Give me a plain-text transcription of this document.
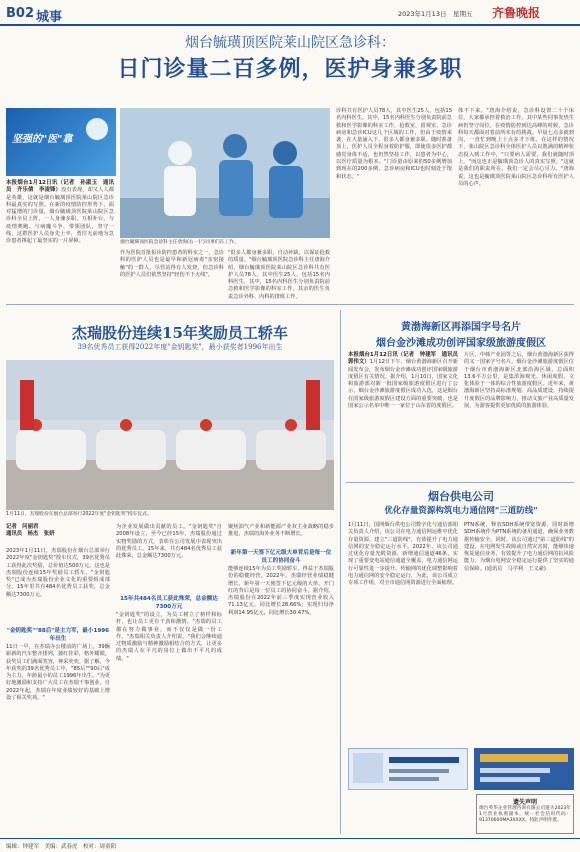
B02 城事	2023年1月13日　星期五 齐鲁晚报
烟台毓璜顶医院莱山院区急诊科：
日门诊量二百多例，医护身兼多职
坚强的"医"靠
本报烟台1月12日讯（记者　孙淑玉　通讯员　齐乐倩　李凌锋）没有表现，却又人人都是英雄，这就是烟台毓璜顶医院莱山院区急诊科最真实的写照。在新的疫情防控形势下，面对猛增的门诊量，烟台毓璜顶医院莱山院区急诊科全员上阵，一人身兼多职，互相补台，与疫情赛跑、与病魔斗争，带领团队，坚守一线，这群医护人员身先士卒，勇往无前地为急诊患者撑起了最坚实的一片屏障。	烟台毓璜顶医院急诊科主任唐海(右一)与同事们在工作。
作为医院首批报诊防控患者的科室之一，急诊科的医护人员也是最早和新冠病毒"亲密接触"的一群人，尽管站得有人发烧，但急诊科的医护人员们依然坚持"轻伤不下火线"。
"很多人都身兼多职，自动补缺，以保证抢救的质量。"烟台毓璜顶医院急诊科主任唐海介绍，烟台毓璜顶医院莱山院区急诊科共有医护人员78人，其中医生25人，包括15名内科医生，其中，15名内科医生分别负责院前急救和医学影像的科室工作，其余的医生负责急诊外科、内科的排班工作。
诊科共有医护人员78人，其中医生25人，包括15名内科医生。其中，15名内科医生分别负责院前急救和医学影像的科室工作，抢救室，留观室，急诊病房和急诊ICU这几个区域的工作，但由于疫情来袭，在大量涌入下，很多人都身兼多职。随时准备顶上，医护人员全程身着防护服，即使很多医护都感觉身体不适，也仍然坚持工作，以患者为中心，以医疗质量为根本。"门诊量由原来的50多例增加到现在的200多例，急诊病房和ICU也时刻处于饱和状态。"
体不下来。"唐海介绍说，急诊科设置二十个床位，大家都承担着救治工作。其中某些同事发热生病仍坚守岗位。在疫情防控到达高峰的时候，急诊科每天都面对着前所未有的挑战。早晨七点多就到岗，一直忙到晚上十点多才下班。在这样的情况下，莱山院区急诊科全体医护人员以饱满的精神状态投入到工作中，"只要病人需要，我们就随时顶上。"而这也正是毓璜顶急诊人的真实写照。"这就是我们的职责所在，我们一定会尽心尽力。"唐海说，这也是毓璜顶医院莱山院区急诊科所有医护人员的心声。
杰瑞股份连续15年奖励员工轿车
39名优秀员工获得2022年度"金钥匙奖"，最小获奖者1996年出生
1月11日，杰瑞股份在烟台总部举行2022年度"金钥匙奖"授车仪式。
记者　问丽君
通讯员　杨杰　张妍
2023年1月11日，杰瑞股份在烟台总部举行2022年度"金钥匙奖"授车仪式，39名优秀员工获得此次奖励，总价值达500万元。这也是杰瑞股份连续15年奖励员工轿车。"金钥匙奖"已成为杰瑞股份企业文化的重要组成部分。15年里共有484名优秀员工获奖，总金额达7300万元。
"金钥匙奖""88后"是主力军，最小1996年出生
11日一早，在杰瑞办公楼前的广场上，39辆崭新的汽车整齐排列，披红挂彩，格外耀眼。获奖员工们满面笑容，神采奕奕。据了解，今年获奖的39名优秀员工中，"85后""90后"成为主力，年龄最小的员工1996年出生。"为更好地激励和支持广大员工在杰瑞干事创业，自2022年起，杰瑞在年度业绩较好的基础上增设了相关奖项。"
为企业发展做出贡献的员工。"金钥匙奖"自2008年设立，至今已经15年，杰瑞股份通过实物奖励的方式，表彰在公司发展中表现突出的优秀员工。15年来，共有484名优秀员工获此殊荣，总金额达7300万元。
15年共484名员工获此殊荣，总金额达7300万元
"金钥匙奖"的设立，为员工树立了榜样和标杆，也让员工更有干劲和激情。"杰瑞的员工都在努力做事业，而不仅仅是做一份工作。"杰瑞相关负责人介绍说，"我们会继续通过物质激励与精神激励相结合的方式，让更多的杰瑞人在平凡的岗位上做出不平凡的成绩。"
聚焦油气产业和新能源产业双主业战略的稳步推进，杰瑞的海外业务不断增长。
新年第一天签下亿元级大单背后是每一位员工的协同奋斗
能够连续15年为员工奖励轿车，得益于杰瑞股份的稳健经营。2022年，杰瑞经营业绩稳健增长，新年第一天便签下亿元级的大单，开门红的背后是每一位员工的协同奋斗。据介绍，杰瑞股份在2022年前三季度实现营业收入71.13亿元，同比增长28.66%；实现归母净利润14.95亿元，同比增长30.47%。
黄渤海新区再添国字号名片
烟台金沙滩成功创评国家级旅游度假区
本报烟台1月12日讯（记者　钟建军　通讯员　郭伟文）1月12日下午，烟台黄渤海新区召开新闻发布会，发布烟台金沙滩成功创评国家级旅游度假区有关情况。据介绍，1月10日，国家文化和旅游部对新一批国家级旅游度假区进行了公示，烟台金沙滩旅游度假区成功入选，这是烟台在国家级旅游度假区建设方面的重要突破，也是国家公示名单中唯一一家位于山东省的度假区。
片区，中韩产业园等之后，烟台黄渤海新区获得的又一国家字号名片。烟台金沙滩旅游度假区位于烟台市黄渤海新区北部沿海区域，总面积13.6平方公里，是集滨海观光、休闲度假、文化体验于一体的综合性旅游度假区。近年来，黄渤海新区坚持高标准规划、高品质建设，持续提升度假区的品牌影响力，推动文旅产业高质量发展，为游客提供更加优质的旅游体验。
烟台供电公司
优化存量资源构筑电力通信网"三道防线"
1月11日，国网烟台供电公司数字化与通信部相关负责人介绍，该公司在电力通信网运维中优化存量资源，建立"三道防线"，有效提升了电力通信网的安全稳定运行水平。2022年，该公司通过优化存量光缆资源，新增通信通道46条，实现了重要变电站通信通道全覆盖，电力通信网运行可靠性进一步提升。传输网的优化调整影响着电力通信网的安全稳定运行，为此，该公司成立专项工作组，对全市通信网资源进行全面梳理。
PTN系统，释放SDH系统带宽资源，同时新增SDH系统作为PTN系统的备用通道，确保业务数据传输安全。同时，该公司通过"第三道防线"的建设，在电网发生故障或自然灾害时，能够快速恢复通信业务，有效提升了电力通信网的抗风险能力，为烟台电网安全稳定运行提供了坚实的通信保障。(通讯员　马学利　王义豪)
遗失声明
烟台英华企业管理咨询有限公司遗失2023年1月营业执照副本，统一社会信用代码：91370600MA3XXXX，特此声明作废。
编辑：钟建军　美编：武春虎　校对：周童阳
